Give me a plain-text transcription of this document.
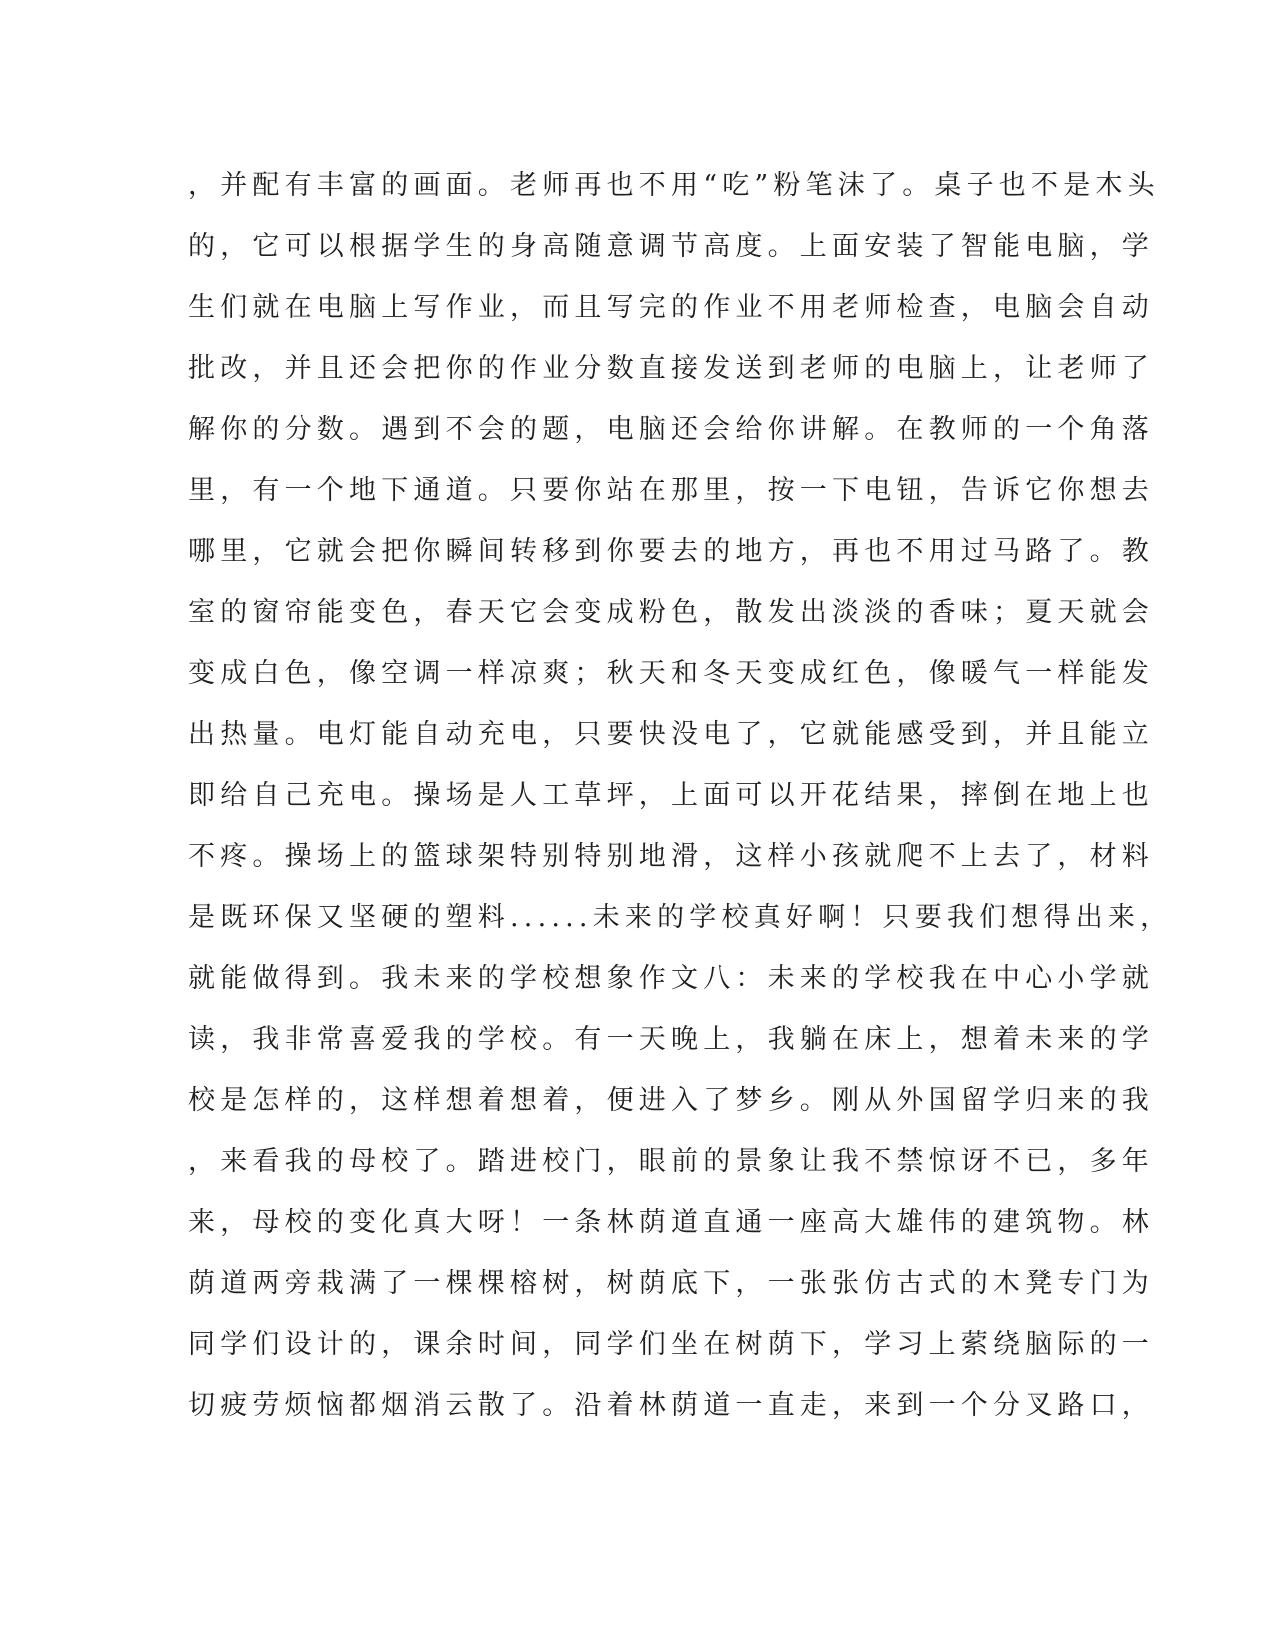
，并配有丰富的画面。老师再也不用“吃”粉笔沫了。桌子也不是木头
的，它可以根据学生的身高随意调节高度。上面安装了智能电脑，学
生们就在电脑上写作业，而且写完的作业不用老师检查，电脑会自动
批改，并且还会把你的作业分数直接发送到老师的电脑上，让老师了
解你的分数。遇到不会的题，电脑还会给你讲解。在教师的一个角落
里，有一个地下通道。只要你站在那里，按一下电钮，告诉它你想去
哪里，它就会把你瞬间转移到你要去的地方，再也不用过马路了。教
室的窗帘能变色，春天它会变成粉色，散发出淡淡的香味；夏天就会
变成白色，像空调一样凉爽；秋天和冬天变成红色，像暖气一样能发
出热量。电灯能自动充电，只要快没电了，它就能感受到，并且能立
即给自己充电。操场是人工草坪，上面可以开花结果，摔倒在地上也
不疼。操场上的篮球架特别特别地滑，这样小孩就爬不上去了，材料
是既环保又坚硬的塑料......未来的学校真好啊！只要我们想得出来，
就能做得到。我未来的学校想象作文八：未来的学校我在中心小学就
读，我非常喜爱我的学校。有一天晚上，我躺在床上，想着未来的学
校是怎样的，这样想着想着，便进入了梦乡。刚从外国留学归来的我
，来看我的母校了。踏进校门，眼前的景象让我不禁惊讶不已，多年
来，母校的变化真大呀！一条林荫道直通一座高大雄伟的建筑物。林
荫道两旁栽满了一棵棵榕树，树荫底下，一张张仿古式的木凳专门为
同学们设计的，课余时间，同学们坐在树荫下，学习上萦绕脑际的一
切疲劳烦恼都烟消云散了。沿着林荫道一直走，来到一个分叉路口，
